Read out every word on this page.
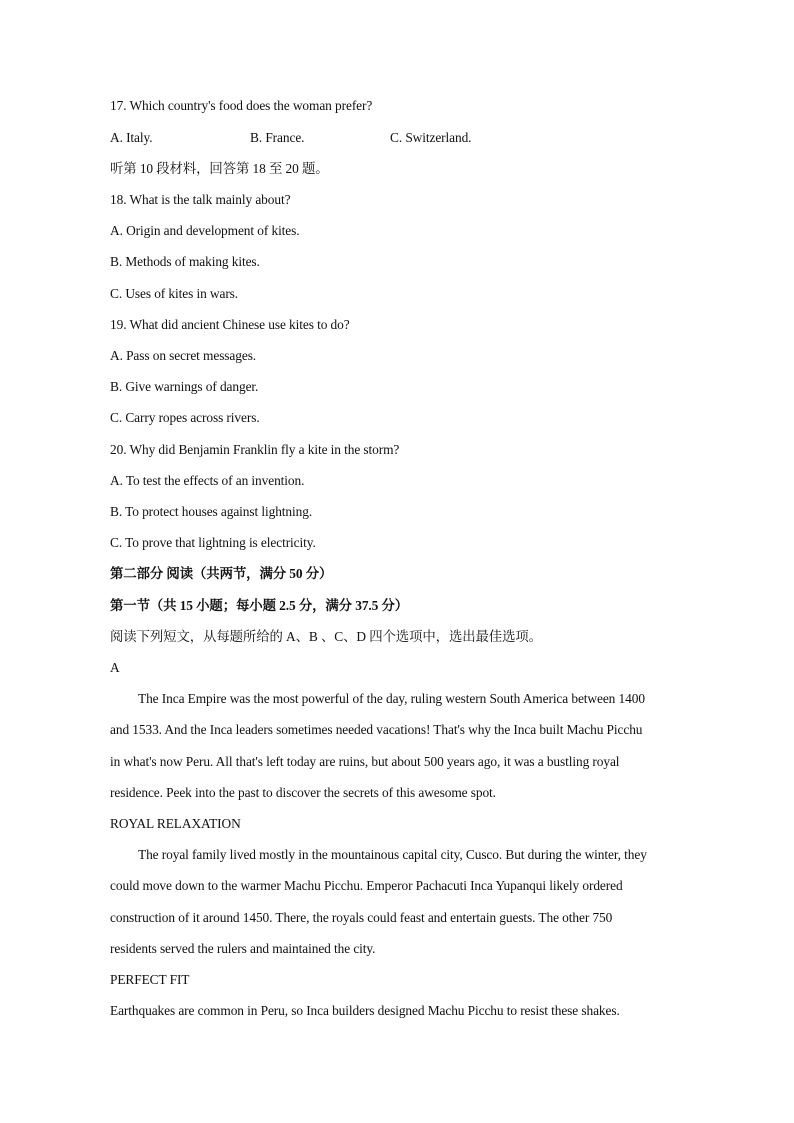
17. Which country's food does the woman prefer?
A. Italy.	B. France.	C. Switzerland.
听第 10 段材料，回答第 18 至 20 题。
18. What is the talk mainly about?
A. Origin and development of kites.
B. Methods of making kites.
C. Uses of kites in wars.
19. What did ancient Chinese use kites to do?
A. Pass on secret messages.
B. Give warnings of danger.
C. Carry ropes across rivers.
20. Why did Benjamin Franklin fly a kite in the storm?
A. To test the effects of an invention.
B. To protect houses against lightning.
C. To prove that lightning is electricity.
第二部分 阅读（共两节，满分 50 分）
第一节（共 15 小题；每小题 2.5 分，满分 37.5 分）
阅读下列短文，从每题所给的 A、B 、C、D 四个选项中，选出最佳选项。
A
The Inca Empire was the most powerful of the day, ruling western South America between 1400
and 1533. And the Inca leaders sometimes needed vacations! That's why the Inca built Machu Picchu
in what's now Peru. All that's left today are ruins, but about 500 years ago, it was a bustling royal
residence. Peek into the past to discover the secrets of this awesome spot.
ROYAL RELAXATION
The royal family lived mostly in the mountainous capital city, Cusco. But during the winter, they
could move down to the warmer Machu Picchu. Emperor Pachacuti Inca Yupanqui likely ordered
construction of it around 1450. There, the royals could feast and entertain guests. The other 750
residents served the rulers and maintained the city.
PERFECT FIT
Earthquakes are common in Peru, so Inca builders designed Machu Picchu to resist these shakes.
